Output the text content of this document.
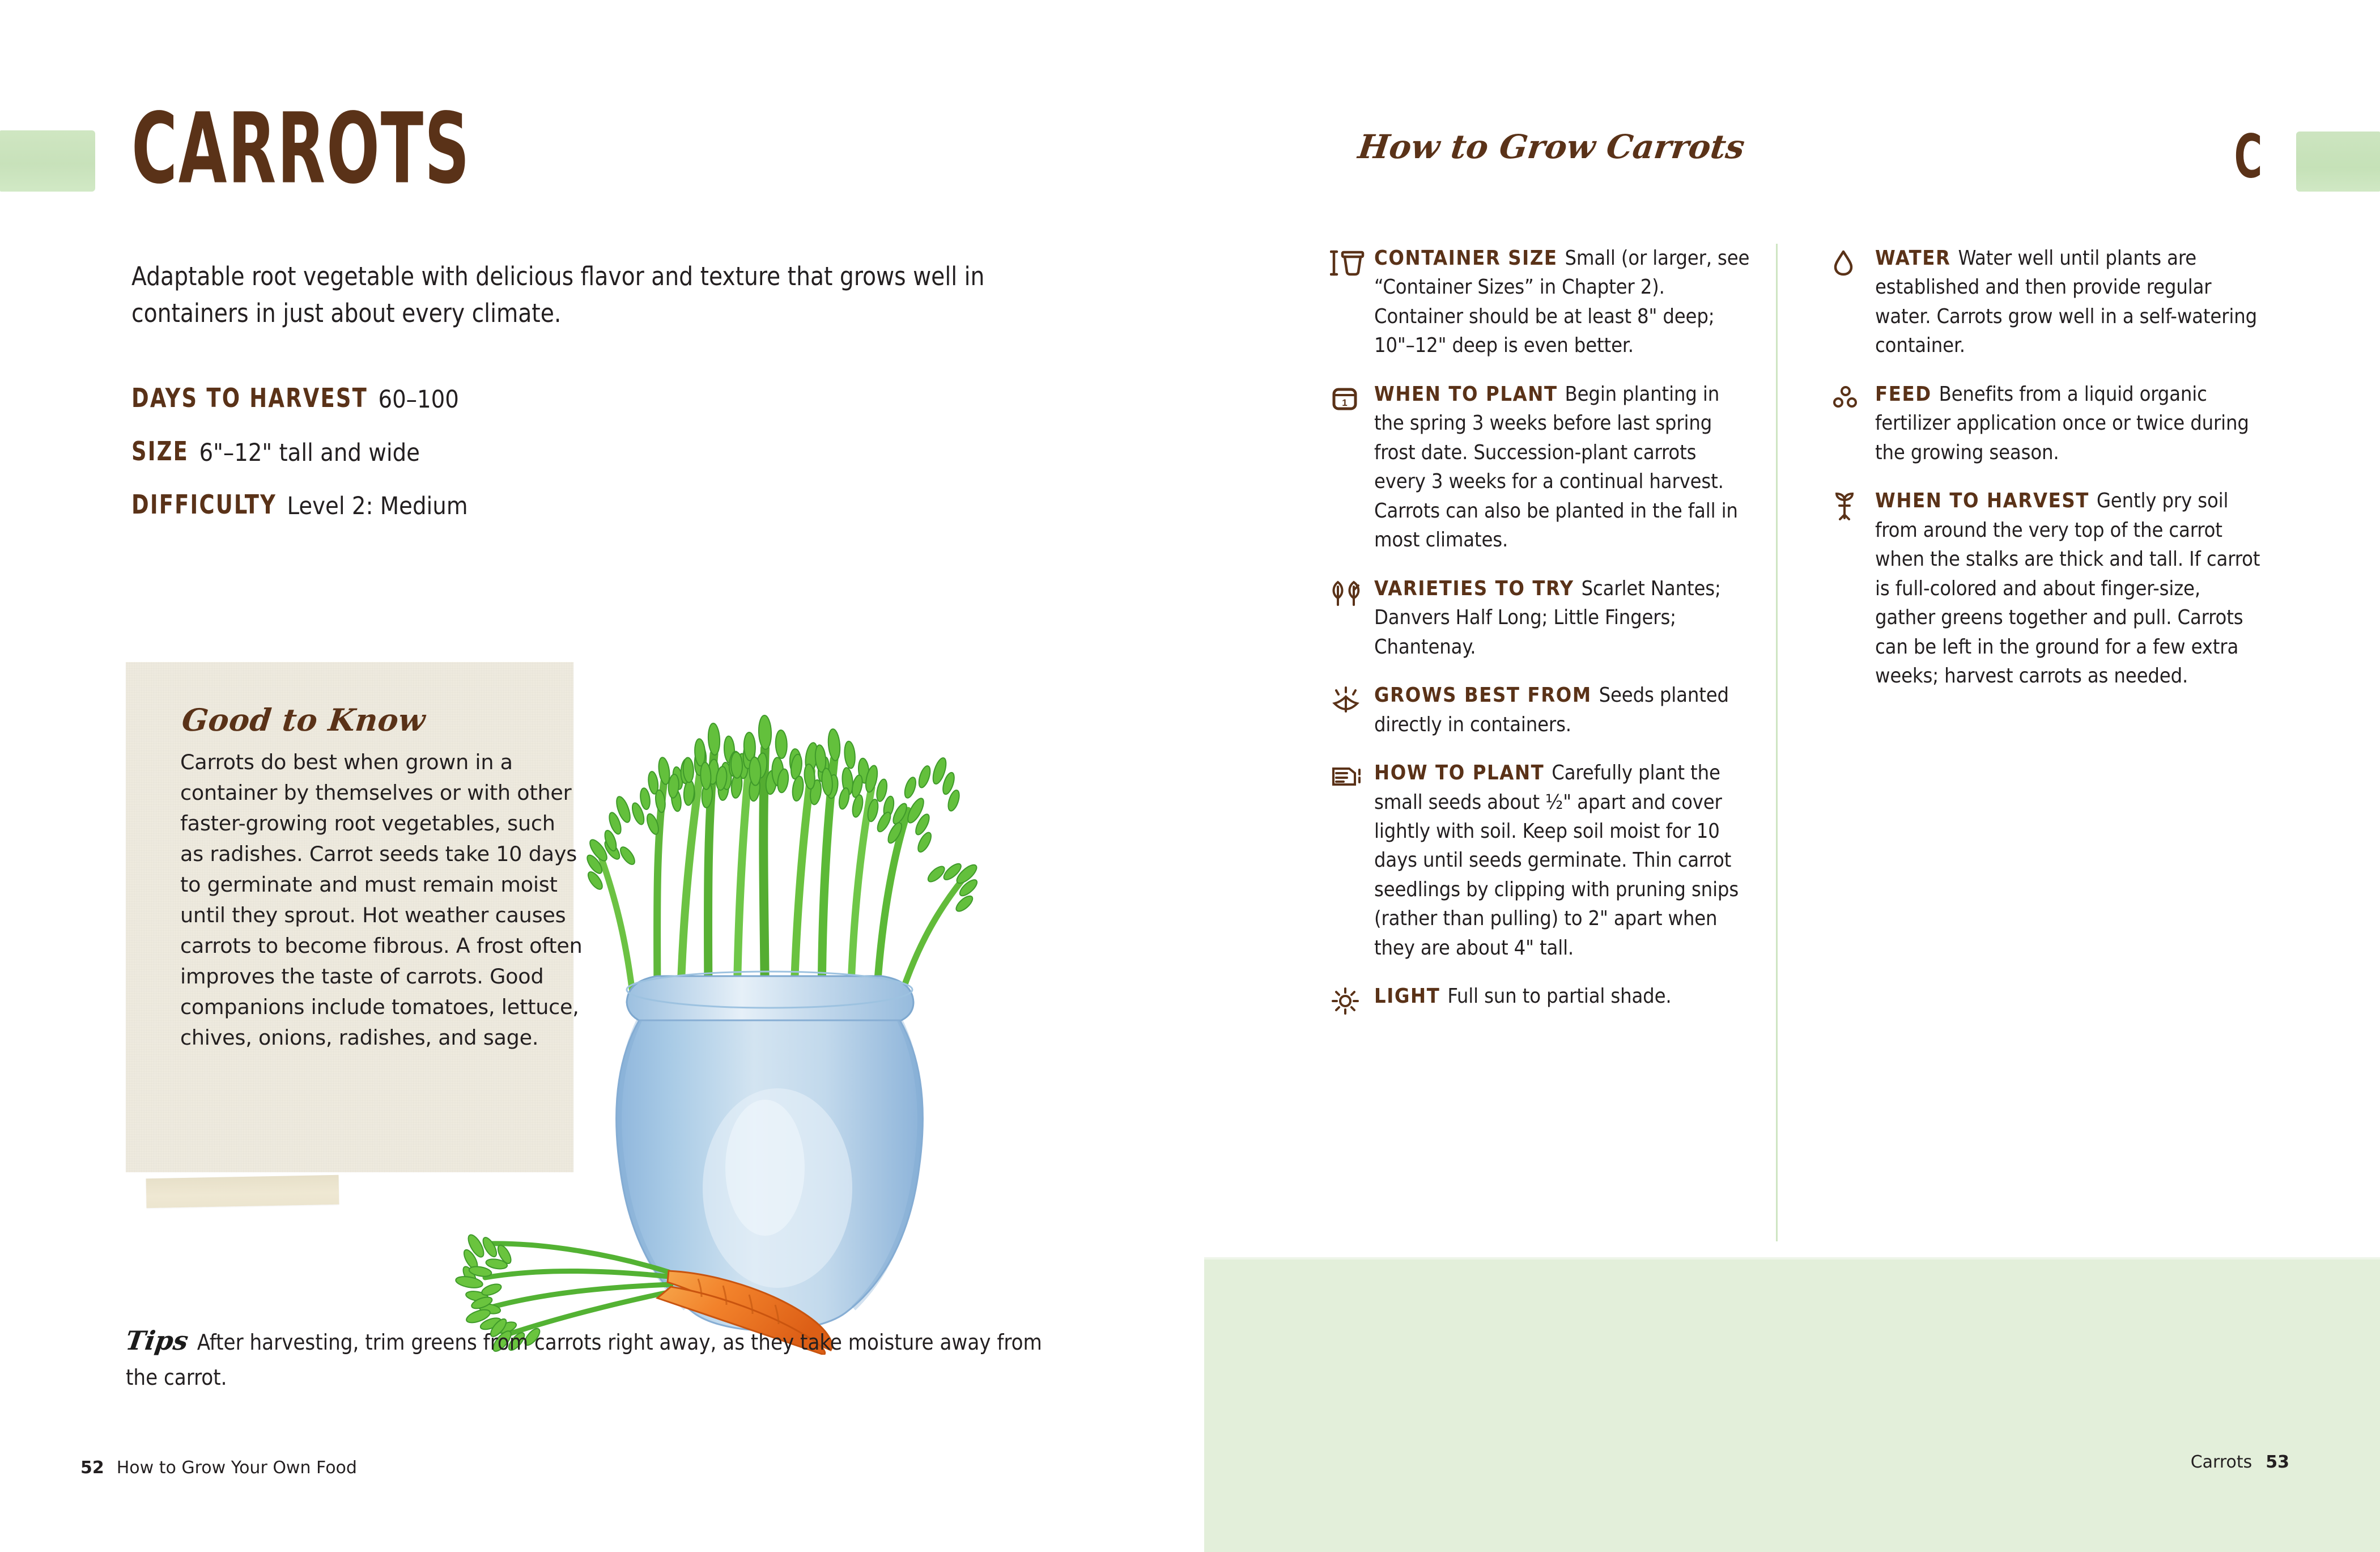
CARROTS
Adaptable root vegetable with delicious flavor and texture that grows well in containers in just about every climate.
DAYS TO HARVEST 60–100
SIZE 6"–12" tall and wide
DIFFICULTY Level 2: Medium
Good to Know
Carrots do best when grown in a container by themselves or with other faster-growing root vegetables, such as radishes. Carrot seeds take 10 days to germinate and must remain moist until they sprout. Hot weather causes carrots to become fibrous. A frost often improves the taste of carrots. Good companions include tomatoes, lettuce, chives, onions, radishes, and sage.
52 How to Grow Your Own Food
How to Grow Carrots	C
CONTAINER SIZE Small (or larger, see “Container Sizes” in Chapter 2). Container should be at least 8" deep; 10"–12" deep is even better.
1 WHEN TO PLANT Begin planting in the spring 3 weeks before last spring frost date. Succession-plant carrots every 3 weeks for a continual harvest. Carrots can also be planted in the fall in most climates.
VARIETIES TO TRY Scarlet Nantes; Danvers Half Long; Little Fingers; Chantenay.
GROWS BEST FROM Seeds planted directly in containers.
HOW TO PLANT Carefully plant the small seeds about ½" apart and cover lightly with soil. Keep soil moist for 10 days until seeds germinate. Thin carrot seedlings by clipping with pruning snips (rather than pulling) to 2" apart when they are about 4" tall.
LIGHT Full sun to partial shade.
WATER Water well until plants are established and then provide regular water. Carrots grow well in a self-watering container.
FEED Benefits from a liquid organic fertilizer application once or twice during the growing season.
WHEN TO HARVEST Gently pry soil from around the very top of the carrot when the stalks are thick and tall. If carrot is full-colored and about finger-size, gather greens together and pull. Carrots can be left in the ground for a few extra weeks; harvest carrots as needed.
Tips After harvesting, trim greens from carrots right away, as they take moisture away from the carrot.
Carrots 53
